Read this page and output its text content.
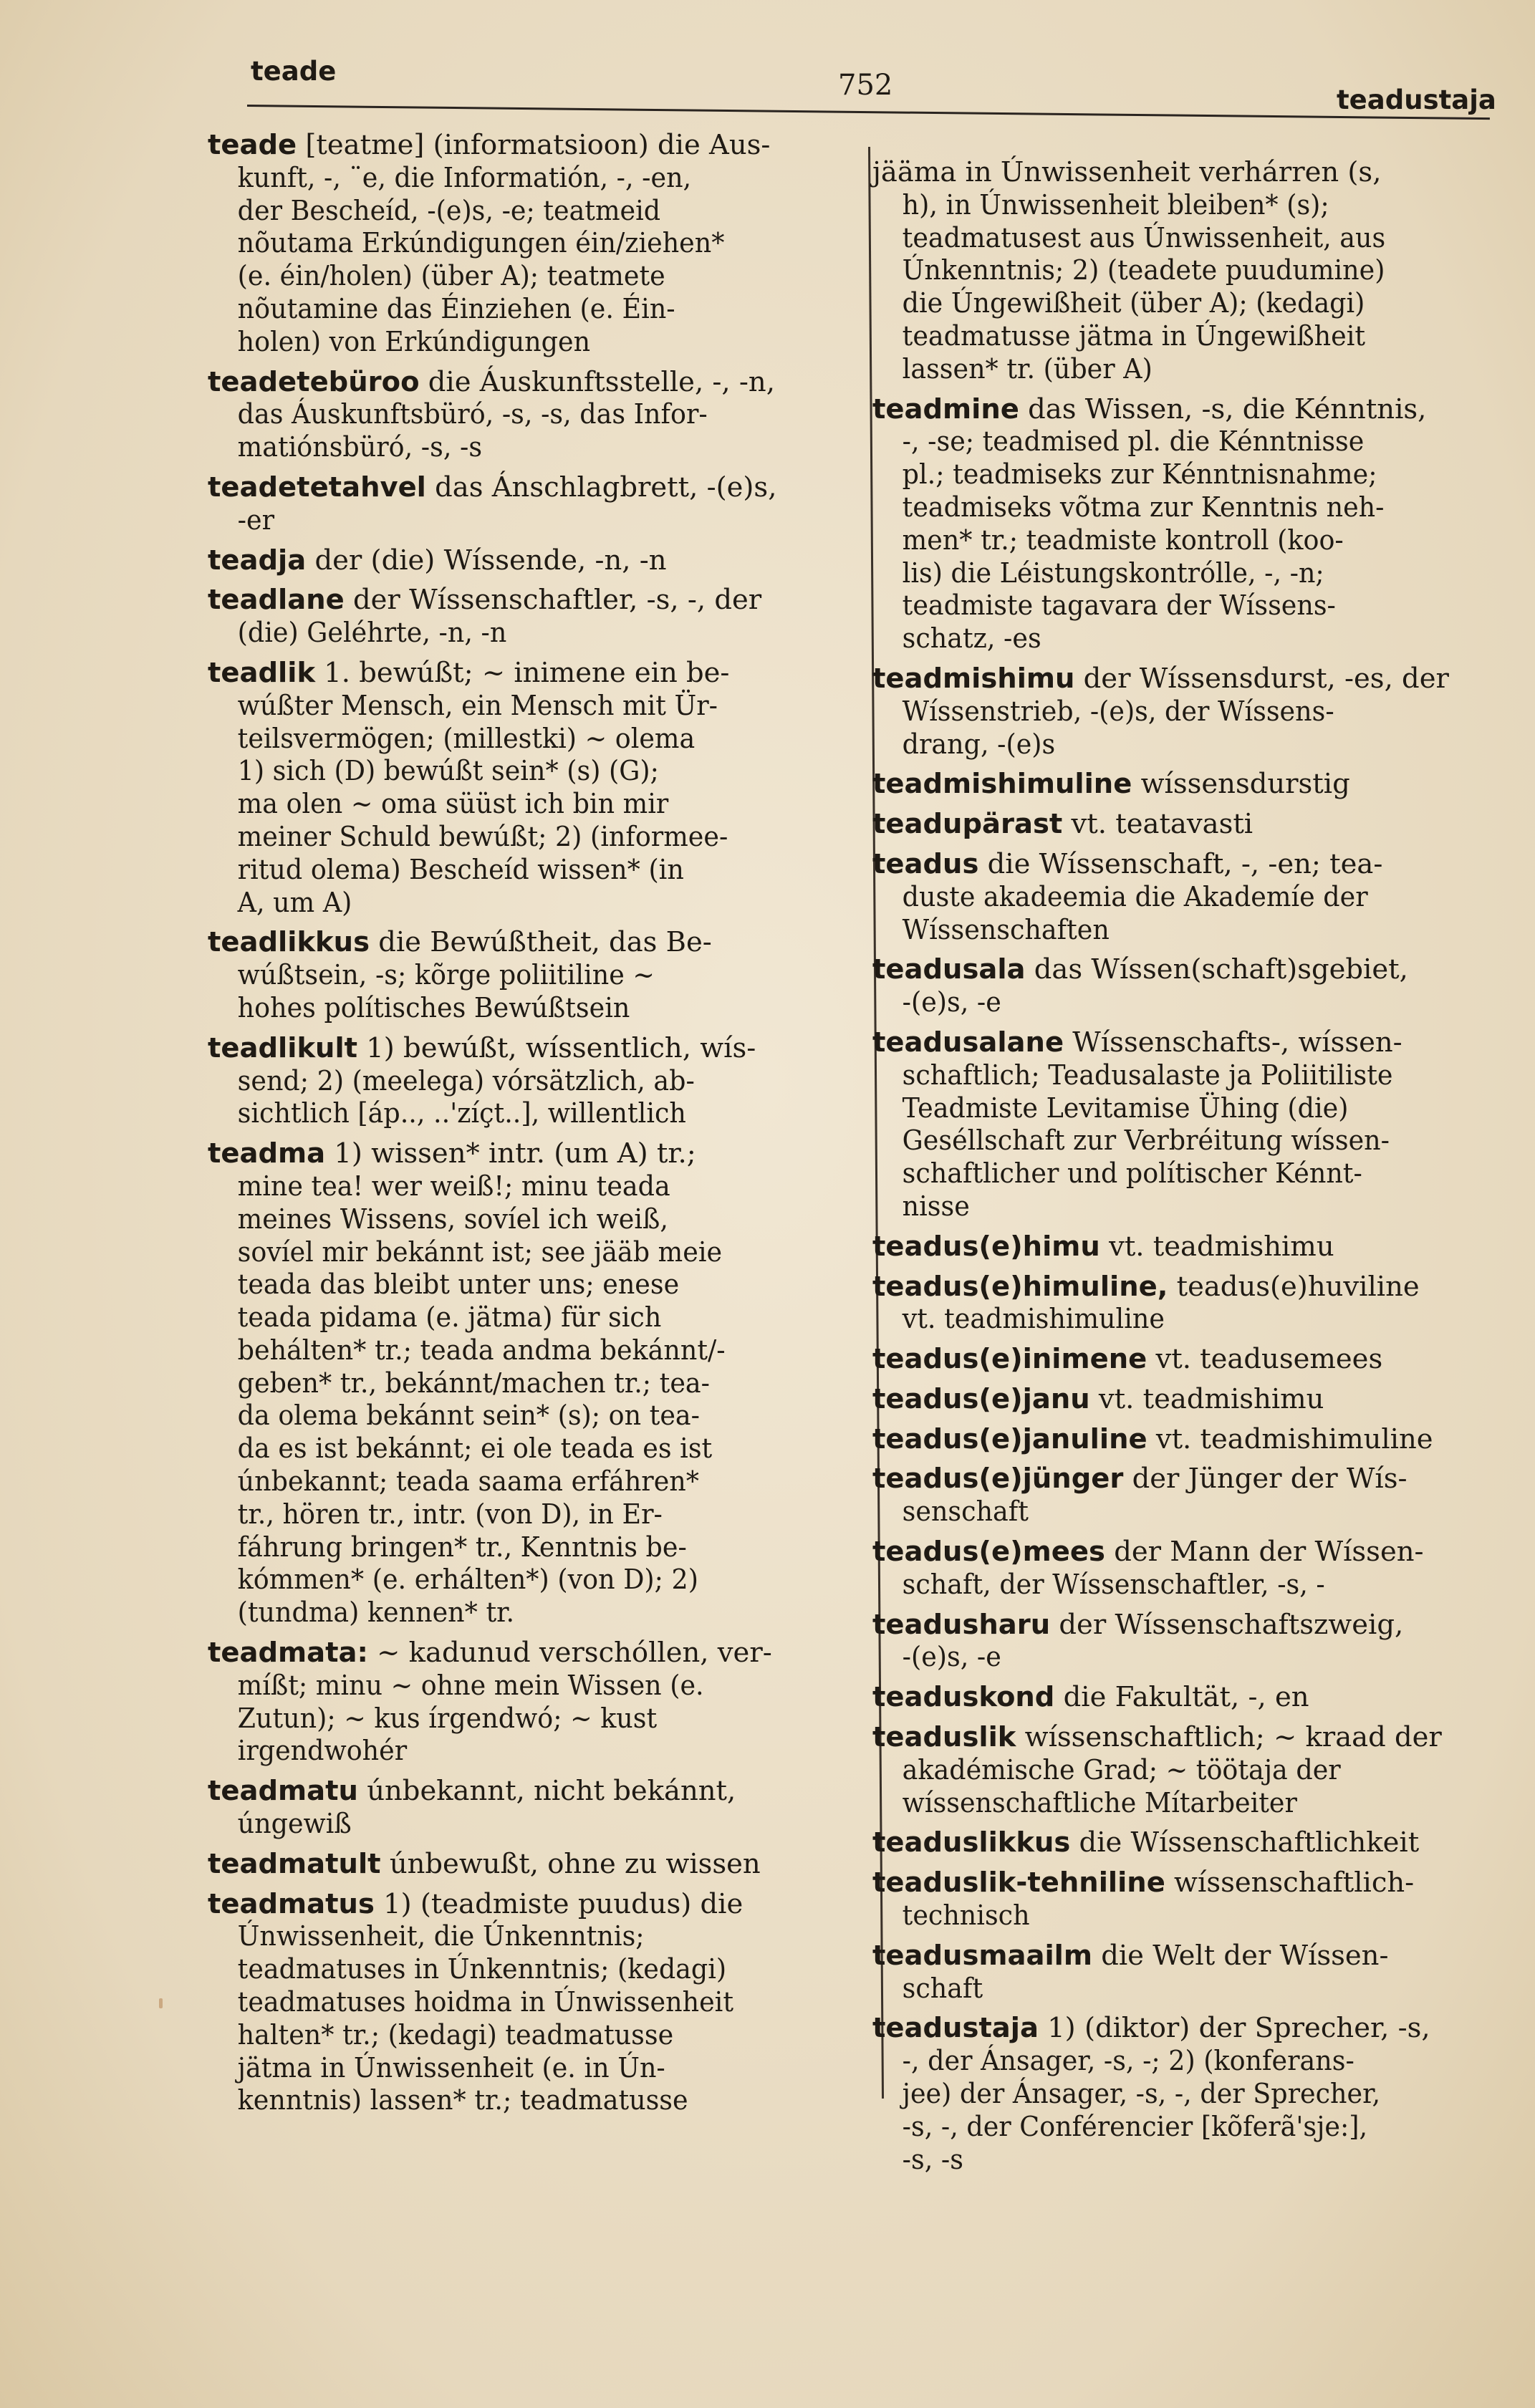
teade	752	teadustaja
teade [teatme] (informatsioon) die Aus-
kunft, -, ¨e, die Informatión, -, -en,
der Bescheíd, -(e)s, -e; teatmeid
nõutama Erkúndigungen éin/ziehen*
(e. éin/holen) (über A); teatmete
nõutamine das Éinziehen (e. Éin-
holen) von Erkúndigungen
teadetebüroo die Áuskunftsstelle, -, -n,
das Áuskunftsbüró, -s, -s, das Infor-
matiónsbüró, -s, -s
teadetetahvel das Ánschlagbrett, -(e)s,
-er
teadja der (die) Wíssende, -n, -n
teadlane der Wíssenschaftler, -s, -, der
(die) Geléhrte, -n, -n
teadlik 1. bewúßt; ~ inimene ein be-
wúßter Mensch, ein Mensch mit Ür-
teilsvermögen; (millestki) ~ olema
1) sich (D) bewúßt sein* (s) (G);
ma olen ~ oma süüst ich bin mir
meiner Schuld bewúßt; 2) (informee-
ritud olema) Bescheíd wissen* (in
A, um A)
teadlikkus die Bewúßtheit, das Be-
wúßtsein, -s; kõrge poliitiline ~
hohes polítisches Bewúßtsein
teadlikult 1) bewúßt, wíssentlich, wís-
send; 2) (meelega) vórsätzlich, ab-
sichtlich [áp.., ..'zíçt..], willentlich
teadma 1) wissen* intr. (um A) tr.;
mine tea! wer weiß!; minu teada
meines Wissens, sovíel ich weiß,
sovíel mir bekánnt ist; see jääb meie
teada das bleibt unter uns; enese
teada pidama (e. jätma) für sich
behálten* tr.; teada andma bekánnt/-
geben* tr., bekánnt/machen tr.; tea-
da olema bekánnt sein* (s); on tea-
da es ist bekánnt; ei ole teada es ist
únbekannt; teada saama erfáhren*
tr., hören tr., intr. (von D), in Er-
fáhrung bringen* tr., Kenntnis be-
kómmen* (e. erhálten*) (von D); 2)
(tundma) kennen* tr.
teadmata: ~ kadunud verschóllen, ver-
míßt; minu ~ ohne mein Wissen (e.
Zutun); ~ kus írgendwó; ~ kust
irgendwohér
teadmatu únbekannt, nicht bekánnt,
úngewiß
teadmatult únbewußt, ohne zu wissen
teadmatus 1) (teadmiste puudus) die
Únwissenheit, die Únkenntnis;
teadmatuses in Únkenntnis; (kedagi)
teadmatuses hoidma in Únwissenheit
halten* tr.; (kedagi) teadmatusse
jätma in Únwissenheit (e. in Ún-
kenntnis) lassen* tr.; teadmatusse
jääma in Únwissenheit verhárren (s,
h), in Únwissenheit bleiben* (s);
teadmatusest aus Únwissenheit, aus
Únkenntnis; 2) (teadete puudumine)
die Úngewißheit (über A); (kedagi)
teadmatusse jätma in Úngewißheit
lassen* tr. (über A)
teadmine das Wissen, -s, die Kénntnis,
-, -se; teadmised pl. die Kénntnisse
pl.; teadmiseks zur Kénntnisnahme;
teadmiseks võtma zur Kenntnis neh-
men* tr.; teadmiste kontroll (koo-
lis) die Léistungskontrólle, -, -n;
teadmiste tagavara der Wíssens-
schatz, -es
teadmishimu der Wíssensdurst, -es, der
Wíssenstrieb, -(e)s, der Wíssens-
drang, -(e)s
teadmishimuline wíssensdurstig
teadupärast vt. teatavasti
teadus die Wíssenschaft, -, -en; tea-
duste akadeemia die Akademíe der
Wíssenschaften
teadusala das Wíssen(schaft)sgebiet,
-(e)s, -e
teadusalane Wíssenschafts-, wíssen-
schaftlich; Teadusalaste ja Poliitiliste
Teadmiste Levitamise Ühing (die)
Geséllschaft zur Verbréitung wíssen-
schaftlicher und polítischer Kénnt-
nisse
teadus(e)himu vt. teadmishimu
teadus(e)himuline, teadus(e)huviline
vt. teadmishimuline
teadus(e)inimene vt. teadusemees
teadus(e)janu vt. teadmishimu
teadus(e)januline vt. teadmishimuline
teadus(e)jünger der Jünger der Wís-
senschaft
teadus(e)mees der Mann der Wíssen-
schaft, der Wíssenschaftler, -s, -
teadusharu der Wíssenschaftszweig,
-(e)s, -e
teaduskond die Fakultät, -, en
teaduslik wíssenschaftlich; ~ kraad der
akadémische Grad; ~ töötaja der
wíssenschaftliche Mítarbeiter
teaduslikkus die Wíssenschaftlichkeit
teaduslik-tehniline wíssenschaftlich-
technisch
teadusmaailm die Welt der Wíssen-
schaft
teadustaja 1) (diktor) der Sprecher, -s,
-, der Ánsager, -s, -; 2) (konferans-
jee) der Ánsager, -s, -, der Sprecher,
-s, -, der Conférencier [kõferã'sje:],
-s, -s
